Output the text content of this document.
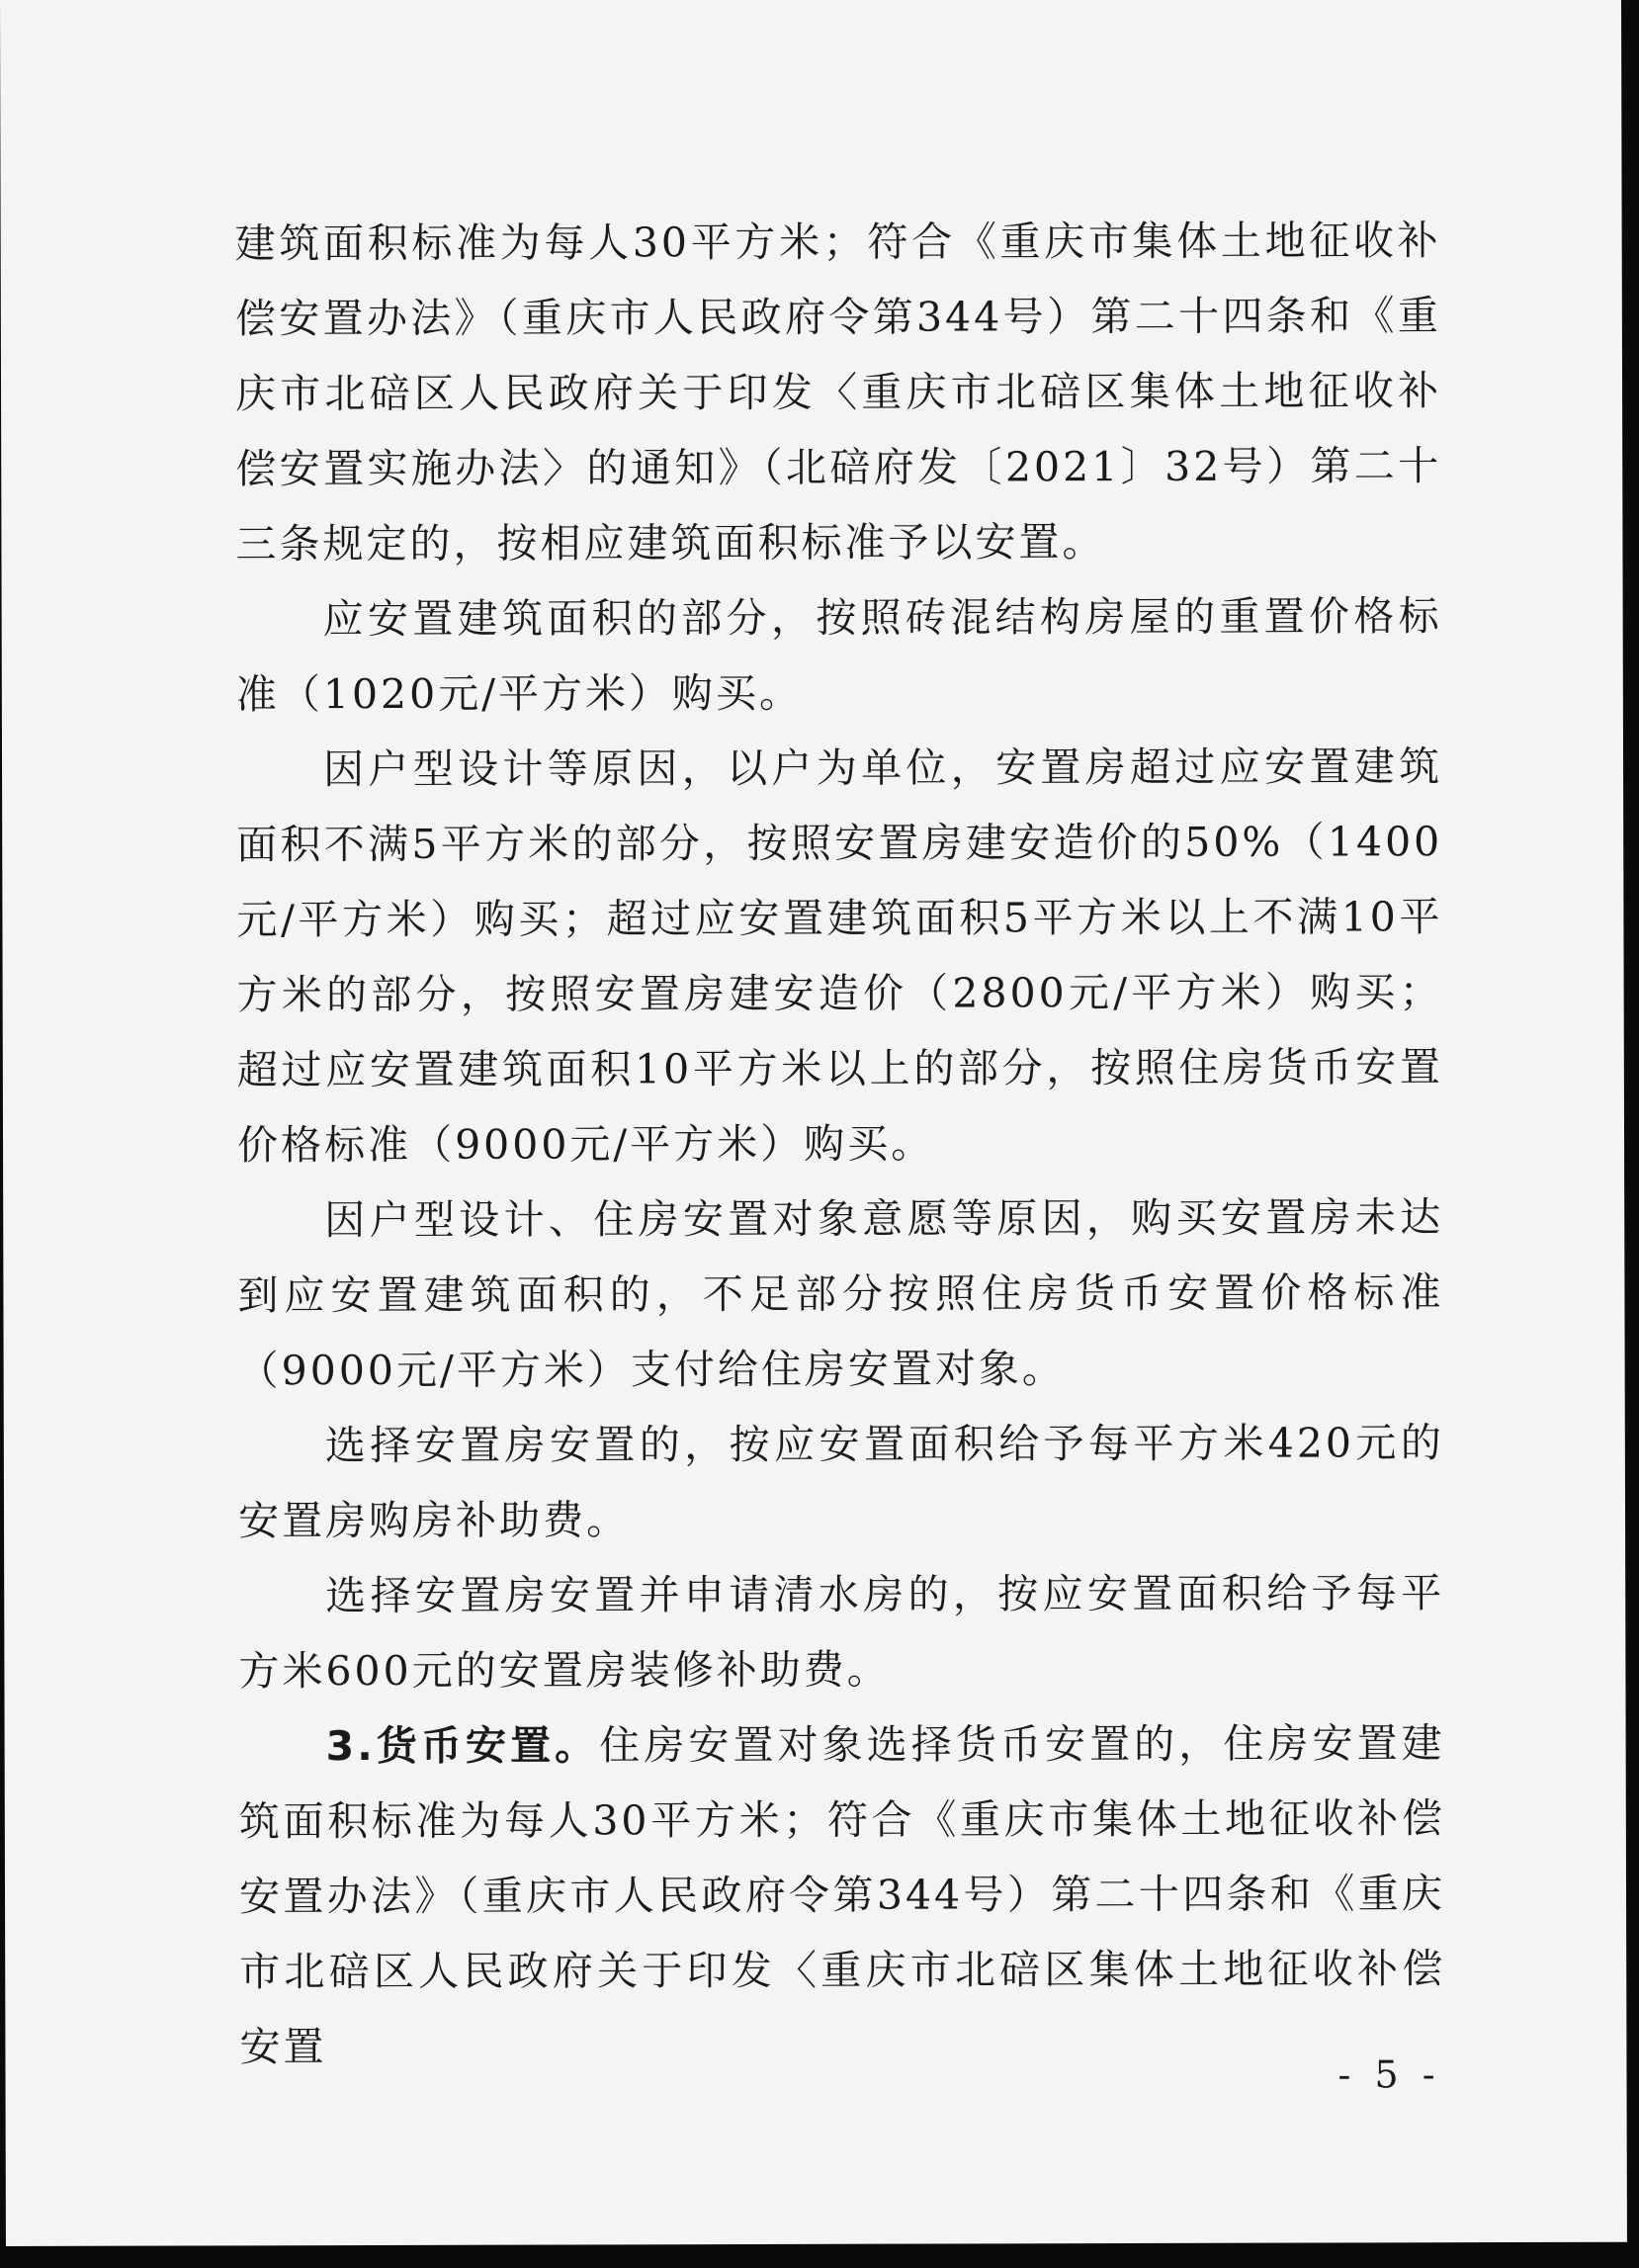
建筑面积标准为每人30平方米；符合《重庆市集体土地征收补偿安置办法》（重庆市人民政府令第344号）第二十四条和《重庆市北碚区人民政府关于印发〈重庆市北碚区集体土地征收补偿安置实施办法〉的通知》（北碚府发〔2021〕32号）第二十三条规定的，按相应建筑面积标准予以安置。

应安置建筑面积的部分，按照砖混结构房屋的重置价格标准（1020元/平方米）购买。

因户型设计等原因，以户为单位，安置房超过应安置建筑面积不满5平方米的部分，按照安置房建安造价的50%（1400元/平方米）购买；超过应安置建筑面积5平方米以上不满10平方米的部分，按照安置房建安造价（2800元/平方米）购买；超过应安置建筑面积10平方米以上的部分，按照住房货币安置价格标准（9000元/平方米）购买。

因户型设计、住房安置对象意愿等原因，购买安置房未达到应安置建筑面积的，不足部分按照住房货币安置价格标准（9000元/平方米）支付给住房安置对象。

选择安置房安置的，按应安置面积给予每平方米420元的安置房购房补助费。

选择安置房安置并申请清水房的，按应安置面积给予每平方米600元的安置房装修补助费。

3.货币安置。住房安置对象选择货币安置的，住房安置建筑面积标准为每人30平方米；符合《重庆市集体土地征收补偿安置办法》（重庆市人民政府令第344号）第二十四条和《重庆市北碚区人民政府关于印发〈重庆市北碚区集体土地征收补偿安置

- 5 -
